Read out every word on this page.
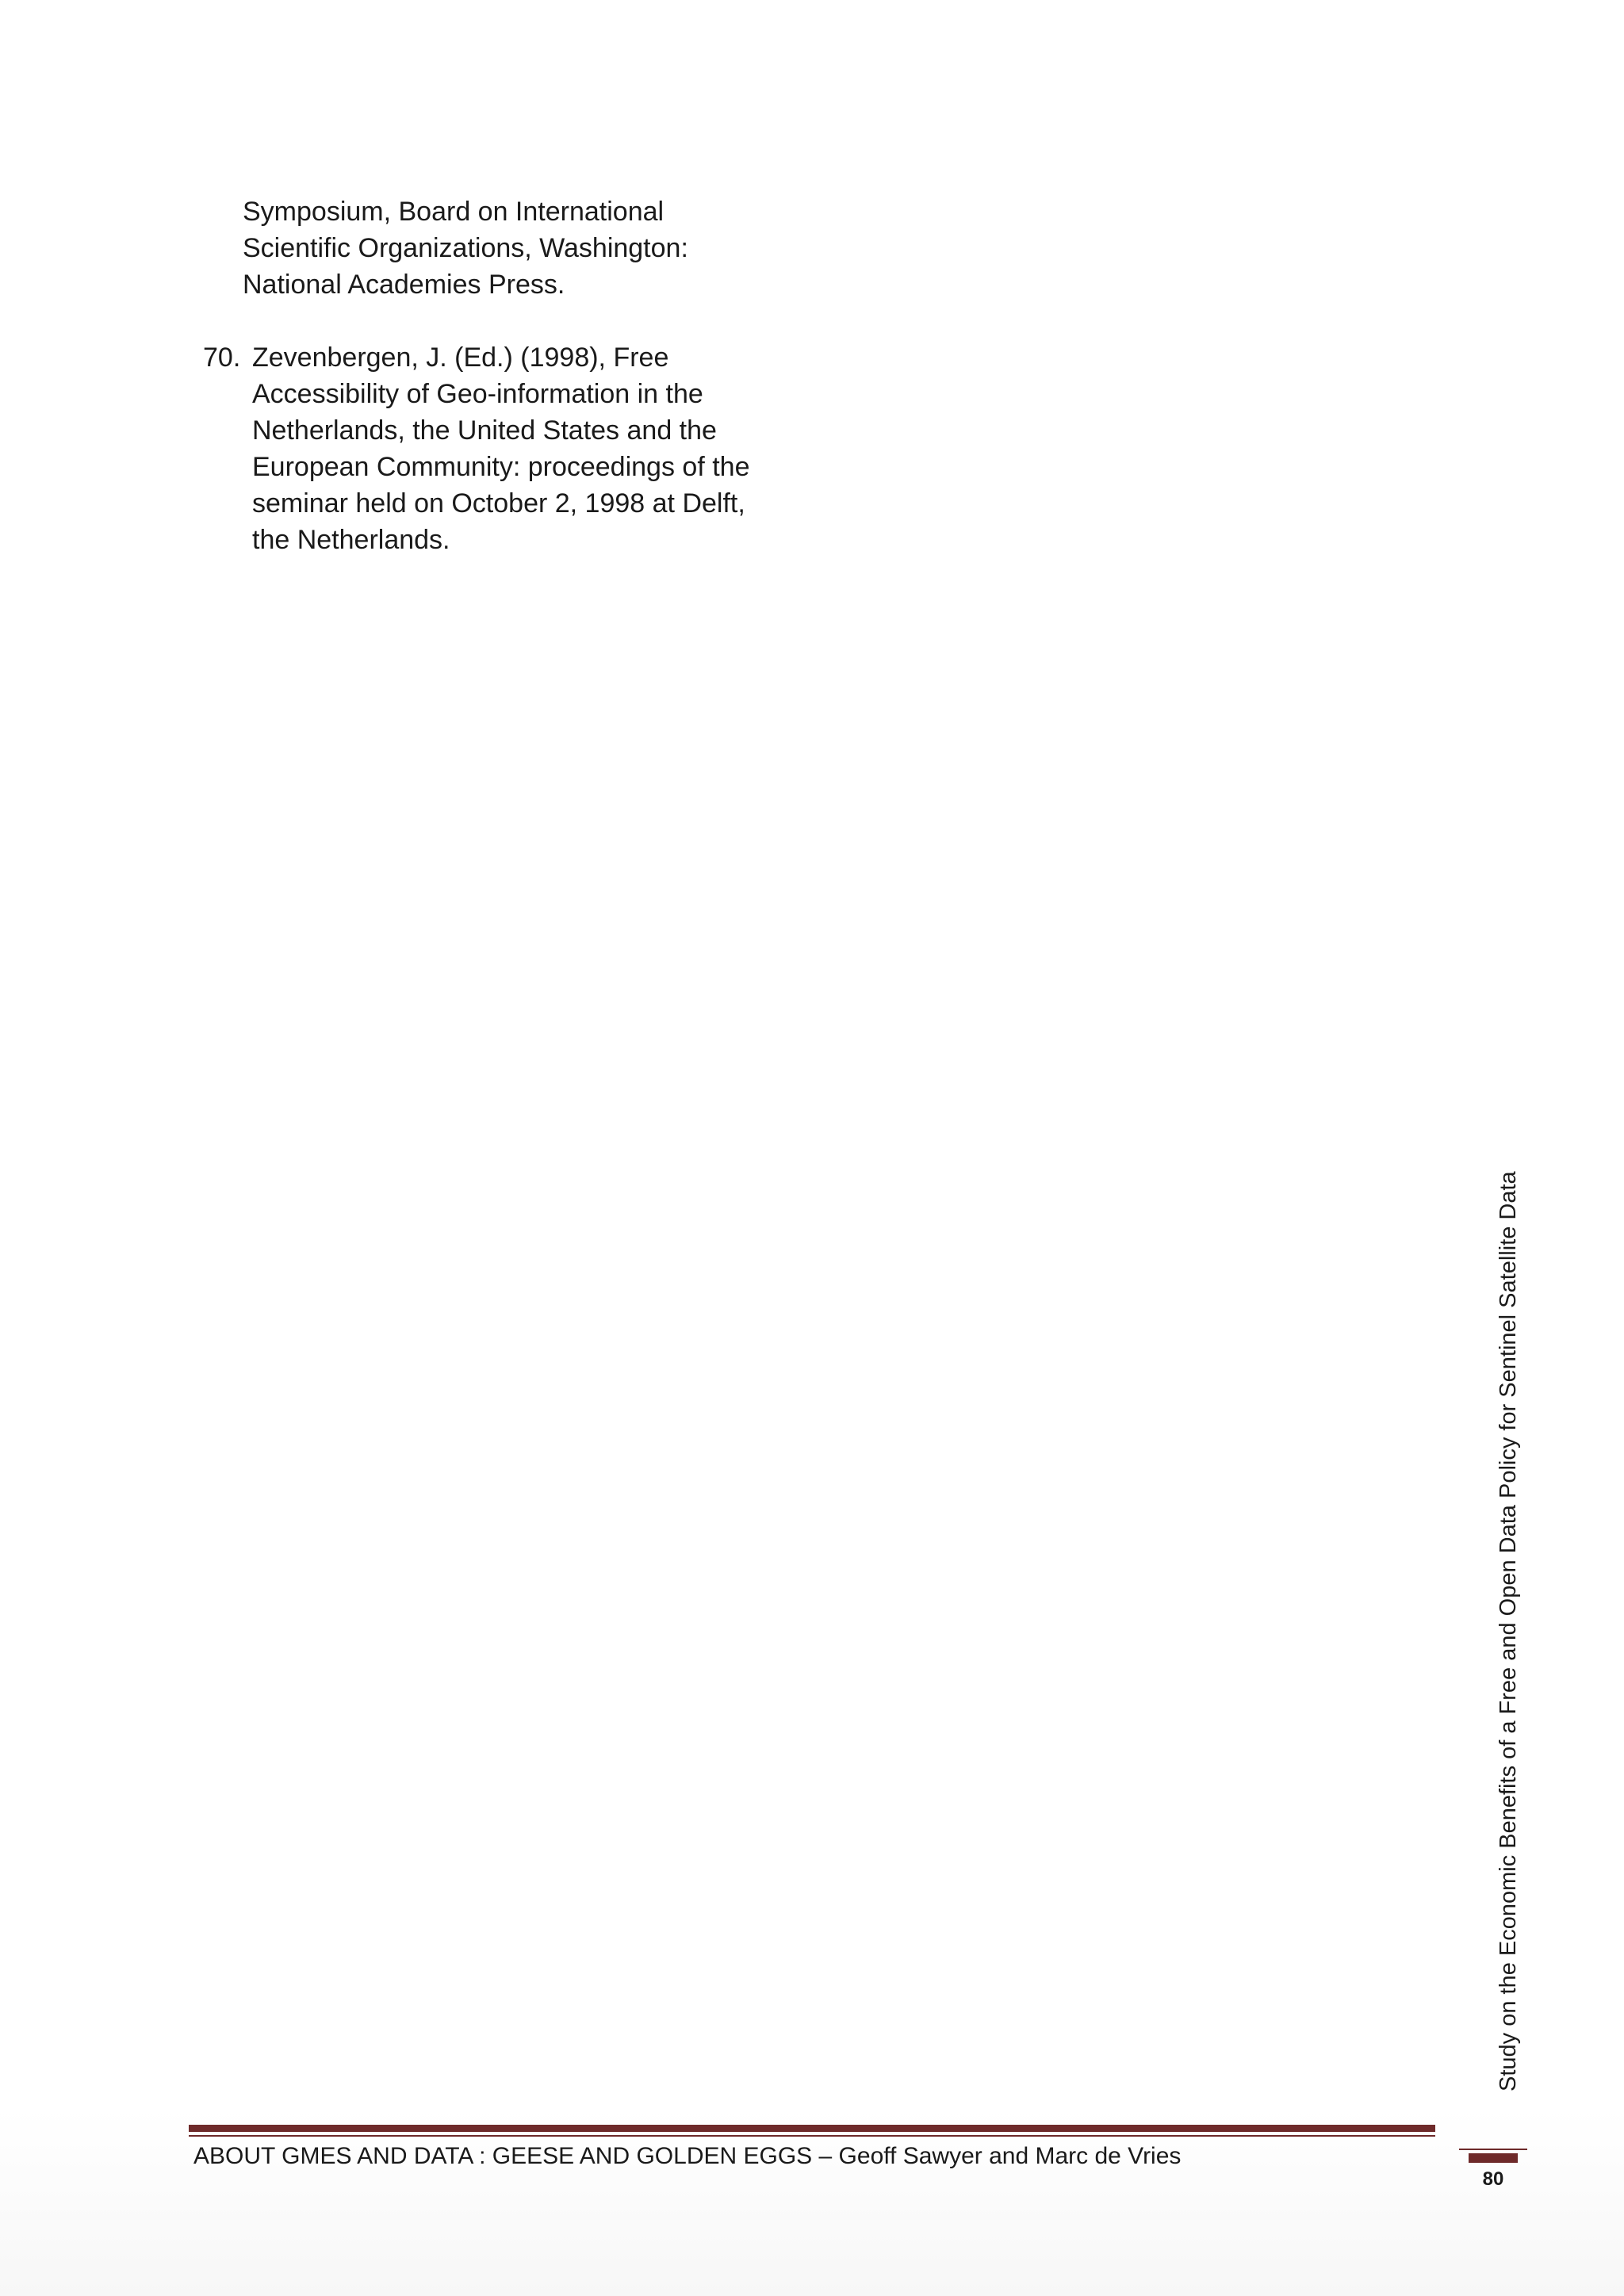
Symposium, Board on International
Scientific Organizations, Washington:
National Academies Press.
70. Zevenbergen, J. (Ed.) (1998), Free
Accessibility of Geo-information in the
Netherlands, the United States and the
European Community: proceedings of the
seminar held on October 2, 1998 at Delft,
the Netherlands.
Study on the Economic Benefits of a Free and Open Data Policy for Sentinel Satellite Data
ABOUT GMES AND DATA : GEESE AND GOLDEN EGGS – Geoff Sawyer and Marc de Vries
80
